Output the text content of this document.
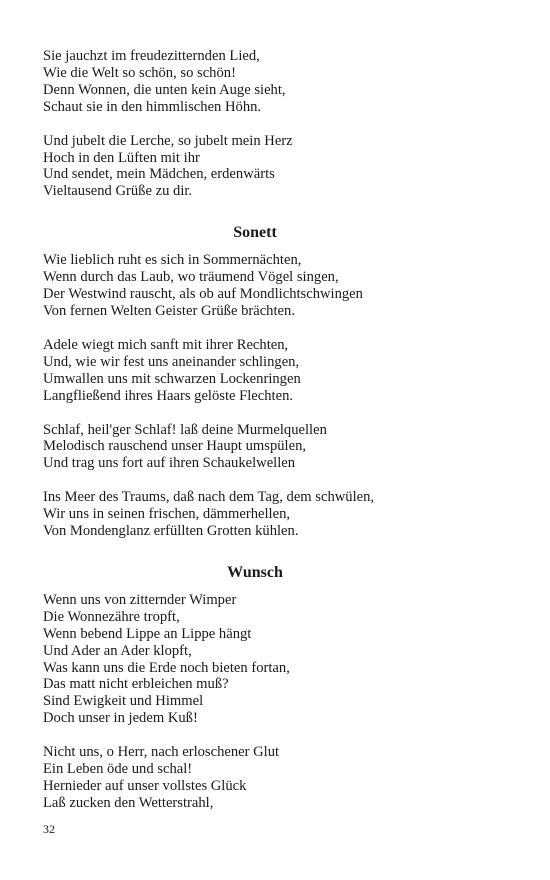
Sie jauchzt im freudezitternden Lied,
Wie die Welt so schön, so schön!
Denn Wonnen, die unten kein Auge sieht,
Schaut sie in den himmlischen Höhn.
Und jubelt die Lerche, so jubelt mein Herz
Hoch in den Lüften mit ihr
Und sendet, mein Mädchen, erdenwärts
Vieltausend Grüße zu dir.
Sonett
Wie lieblich ruht es sich in Sommernächten,
Wenn durch das Laub, wo träumend Vögel singen,
Der Westwind rauscht, als ob auf Mondlichtschwingen
Von fernen Welten Geister Grüße brächten.
Adele wiegt mich sanft mit ihrer Rechten,
Und, wie wir fest uns aneinander schlingen,
Umwallen uns mit schwarzen Lockenringen
Langfließend ihres Haars gelöste Flechten.
Schlaf, heil'ger Schlaf! laß deine Murmelquellen
Melodisch rauschend unser Haupt umspülen,
Und trag uns fort auf ihren Schaukelwellen
Ins Meer des Traums, daß nach dem Tag, dem schwülen,
Wir uns in seinen frischen, dämmerhellen,
Von Mondenglanz erfüllten Grotten kühlen.
Wunsch
Wenn uns von zitternder Wimper
Die Wonnezähre tropft,
Wenn bebend Lippe an Lippe hängt
Und Ader an Ader klopft,
Was kann uns die Erde noch bieten fortan,
Das matt nicht erbleichen muß?
Sind Ewigkeit und Himmel
Doch unser in jedem Kuß!
Nicht uns, o Herr, nach erloschener Glut
Ein Leben öde und schal!
Hernieder auf unser vollstes Glück
Laß zucken den Wetterstrahl,
32
